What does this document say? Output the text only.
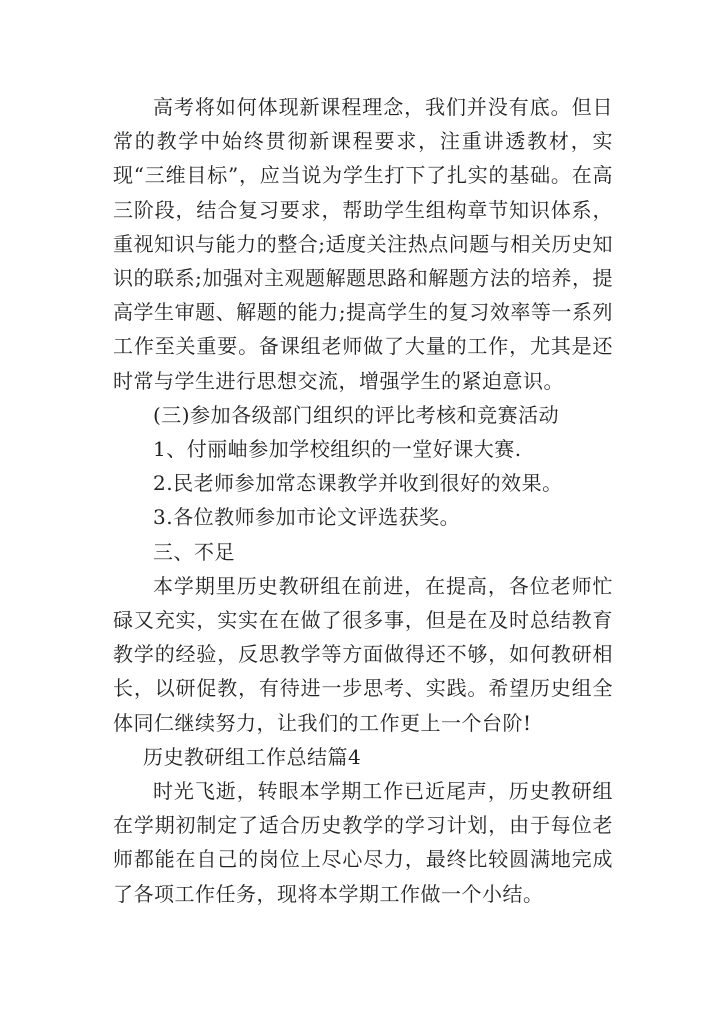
高考将如何体现新课程理念，我们并没有底。但日常的教学中始终贯彻新课程要求，注重讲透教材，实现“三维目标”，应当说为学生打下了扎实的基础。在高三阶段，结合复习要求，帮助学生组构章节知识体系，重视知识与能力的整合;适度关注热点问题与相关历史知识的联系;加强对主观题解题思路和解题方法的培养，提高学生审题、解题的能力;提高学生的复习效率等一系列工作至关重要。备课组老师做了大量的工作，尤其是还时常与学生进行思想交流，增强学生的紧迫意识。

(三)参加各级部门组织的评比考核和竞赛活动

1、付丽岫参加学校组织的一堂好课大赛.

2.民老师参加常态课教学并收到很好的效果。

3.各位教师参加市论文评选获奖。

三、不足

本学期里历史教研组在前进，在提高，各位老师忙碌又充实，实实在在做了很多事，但是在及时总结教育教学的经验，反思教学等方面做得还不够，如何教研相长，以研促教，有待进一步思考、实践。希望历史组全体同仁继续努力，让我们的工作更上一个台阶!

历史教研组工作总结篇4

时光飞逝，转眼本学期工作已近尾声，历史教研组在学期初制定了适合历史教学的学习计划，由于每位老师都能在自己的岗位上尽心尽力，最终比较圆满地完成了各项工作任务，现将本学期工作做一个小结。
